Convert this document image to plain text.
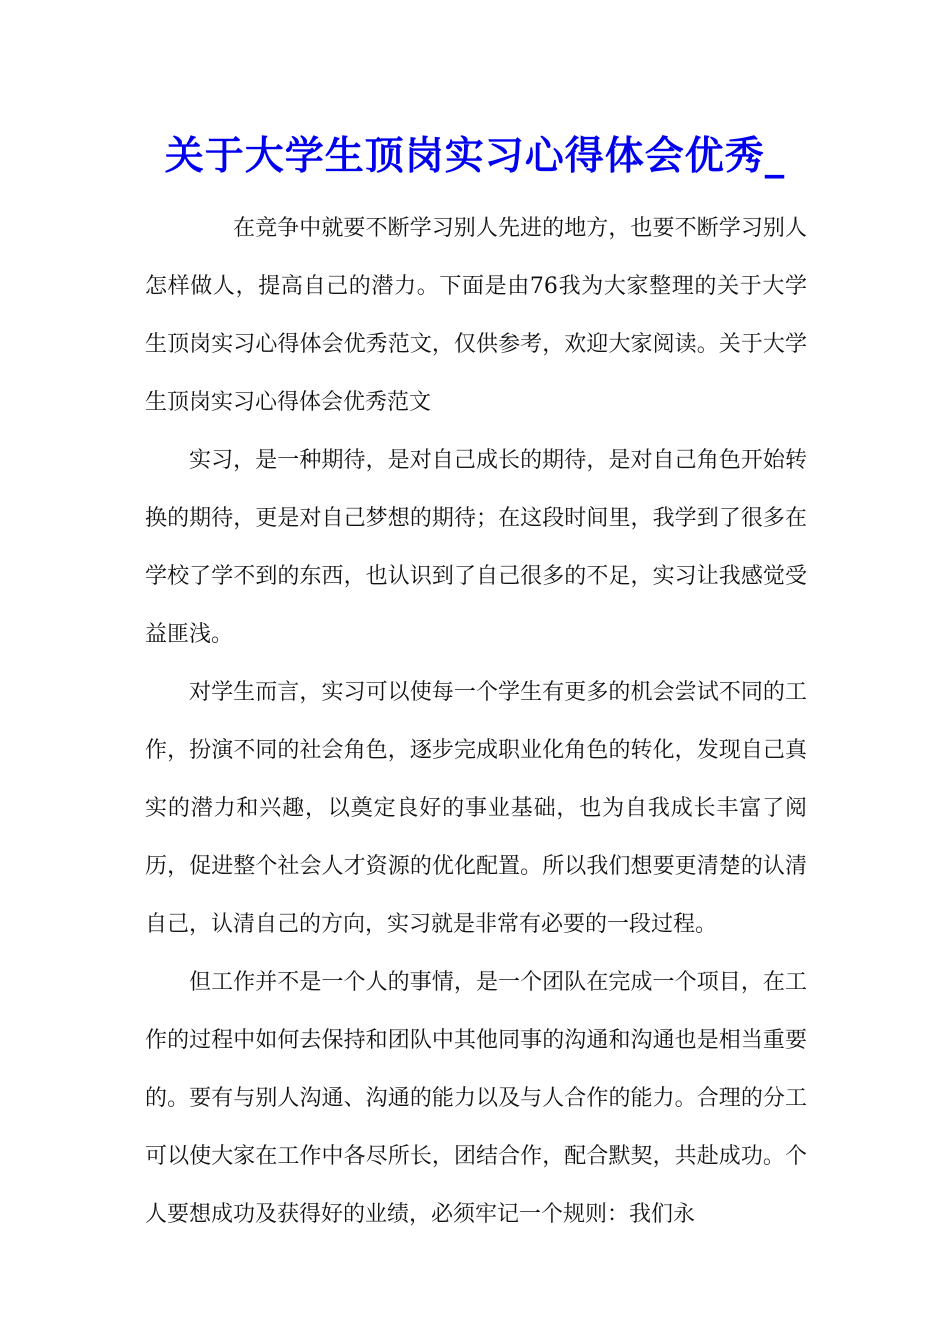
关于大学生顶岗实习心得体会优秀_

在竞争中就要不断学习别人先进的地方，也要不断学习别人怎样做人，提高自己的潜力。下面是由76我为大家整理的关于大学生顶岗实习心得体会优秀范文，仅供参考，欢迎大家阅读。关于大学生顶岗实习心得体会优秀范文

实习，是一种期待，是对自己成长的期待，是对自己角色开始转换的期待，更是对自己梦想的期待；在这段时间里，我学到了很多在学校了学不到的东西，也认识到了自己很多的不足，实习让我感觉受益匪浅。

对学生而言，实习可以使每一个学生有更多的机会尝试不同的工作，扮演不同的社会角色，逐步完成职业化角色的转化，发现自己真实的潜力和兴趣，以奠定良好的事业基础，也为自我成长丰富了阅历，促进整个社会人才资源的优化配置。所以我们想要更清楚的认清自己，认清自己的方向，实习就是非常有必要的一段过程。

但工作并不是一个人的事情，是一个团队在完成一个项目，在工作的过程中如何去保持和团队中其他同事的沟通和沟通也是相当重要的。要有与别人沟通、沟通的能力以及与人合作的能力。合理的分工可以使大家在工作中各尽所长，团结合作，配合默契，共赴成功。个人要想成功及获得好的业绩，必须牢记一个规则：我们永
